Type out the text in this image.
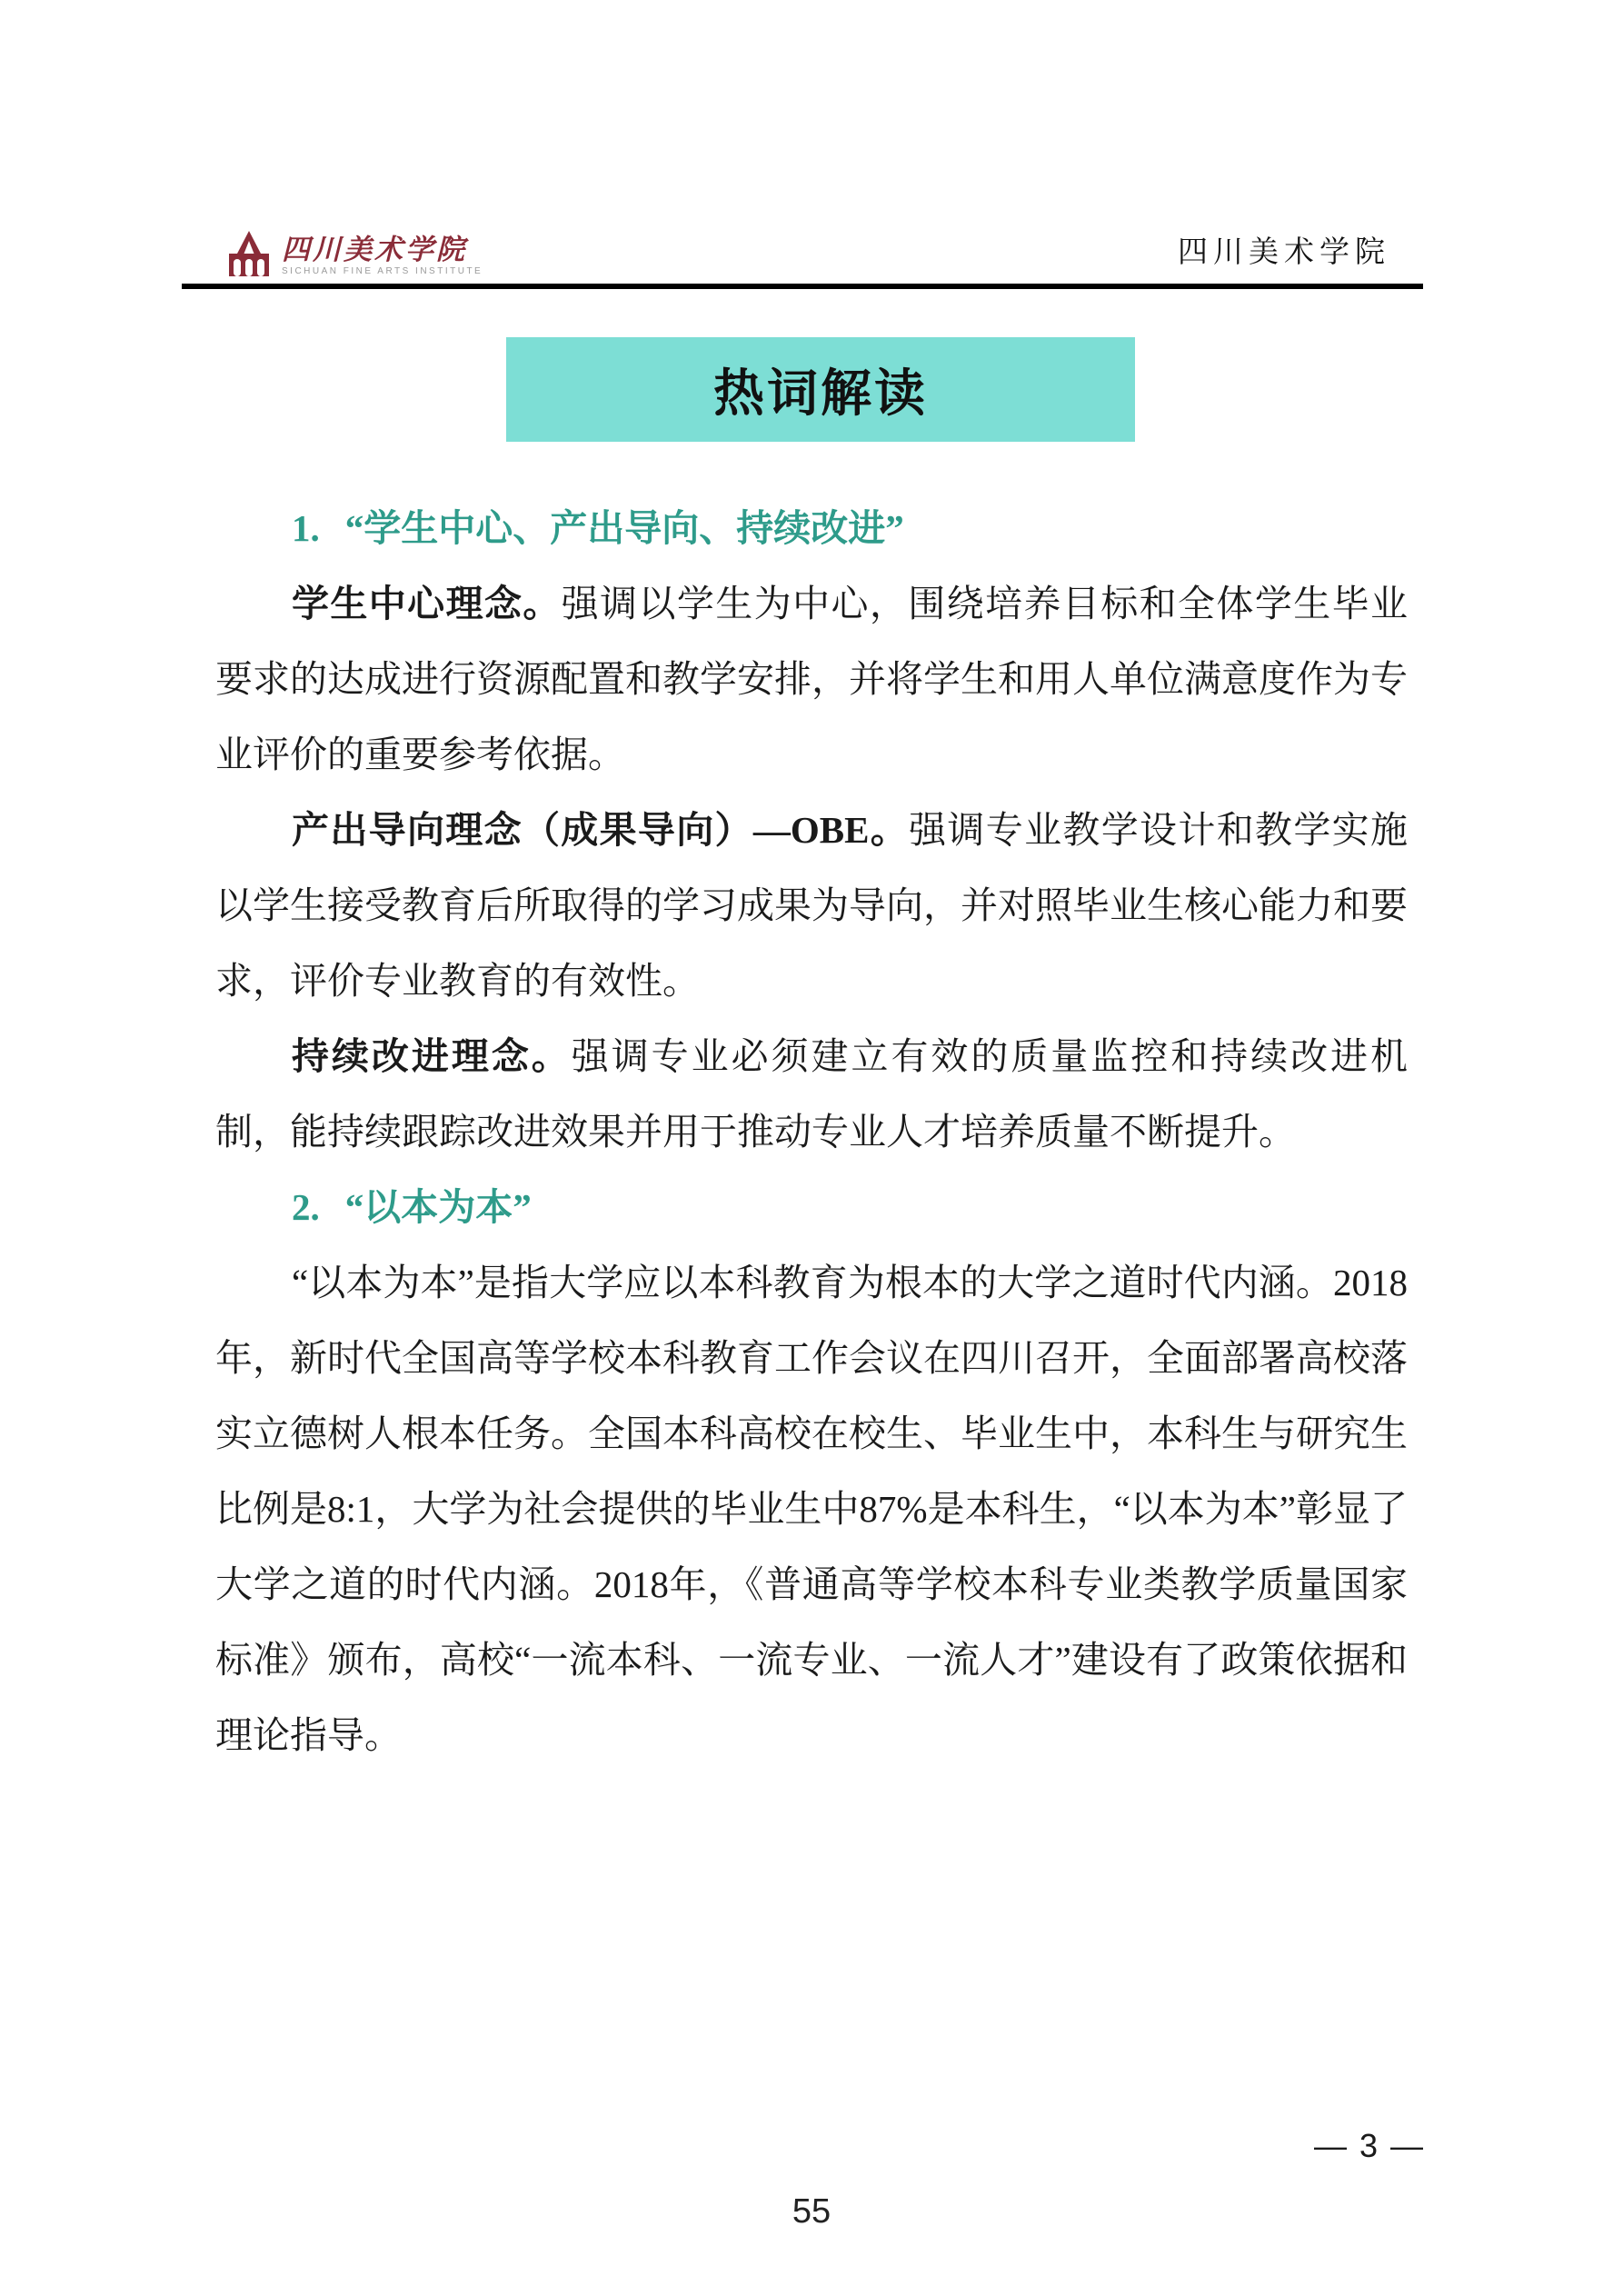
四川美术学院
SICHUAN FINE ARTS INSTITUTE
四川美术学院
热词解读
1. “学生中心、产出导向、持续改进”

学生中心理念。强调以学生为中心，围绕培养目标和全体学生毕业要求的达成进行资源配置和教学安排，并将学生和用人单位满意度作为专业评价的重要参考依据。

产出导向理念（成果导向）—OBE。强调专业教学设计和教学实施以学生接受教育后所取得的学习成果为导向，并对照毕业生核心能力和要求，评价专业教育的有效性。

持续改进理念。强调专业必须建立有效的质量监控和持续改进机制，能持续跟踪改进效果并用于推动专业人才培养质量不断提升。

2. “以本为本”

“以本为本”是指大学应以本科教育为根本的大学之道时代内涵。2018年，新时代全国高等学校本科教育工作会议在四川召开，全面部署高校落实立德树人根本任务。全国本科高校在校生、毕业生中，本科生与研究生比例是8:1，大学为社会提供的毕业生中87%是本科生，“以本为本”彰显了大学之道的时代内涵。2018年，《普通高等学校本科专业类教学质量国家标准》颁布，高校“一流本科、一流专业、一流人才”建设有了政策依据和理论指导。

— 3 —
55
